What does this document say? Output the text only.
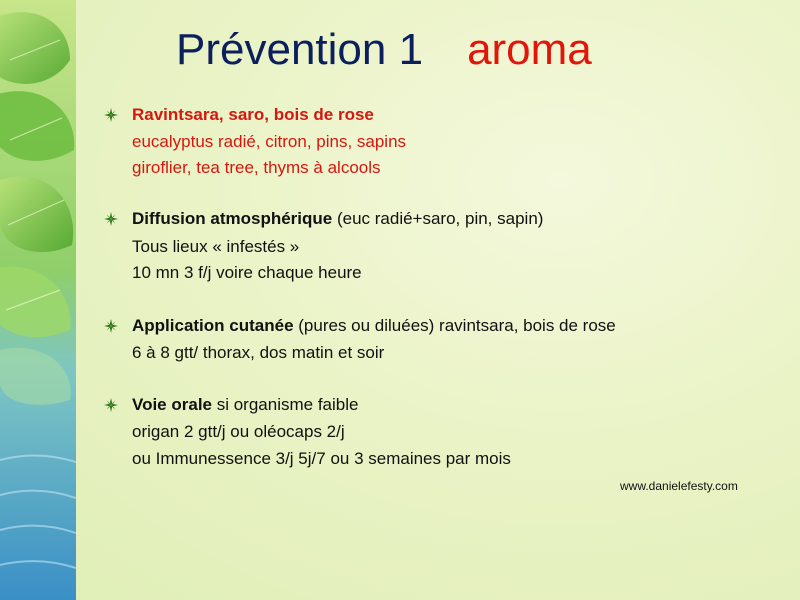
Prévention 1 aroma
Ravintsara, saro, bois de rose
eucalyptus radié, citron, pins, sapins
giroflier, tea tree, thyms à alcools
Diffusion atmosphérique (euc radié+saro, pin, sapin)
Tous lieux « infestés »
10 mn 3 f/j voire chaque heure
Application cutanée (pures ou diluées) ravintsara, bois de rose
6 à 8 gtt/ thorax, dos matin et soir
Voie orale si organisme faible
origan 2 gtt/j ou oléocaps 2/j
ou Immunessence 3/j 5j/7 ou 3 semaines par mois
www.danielefesty.com
